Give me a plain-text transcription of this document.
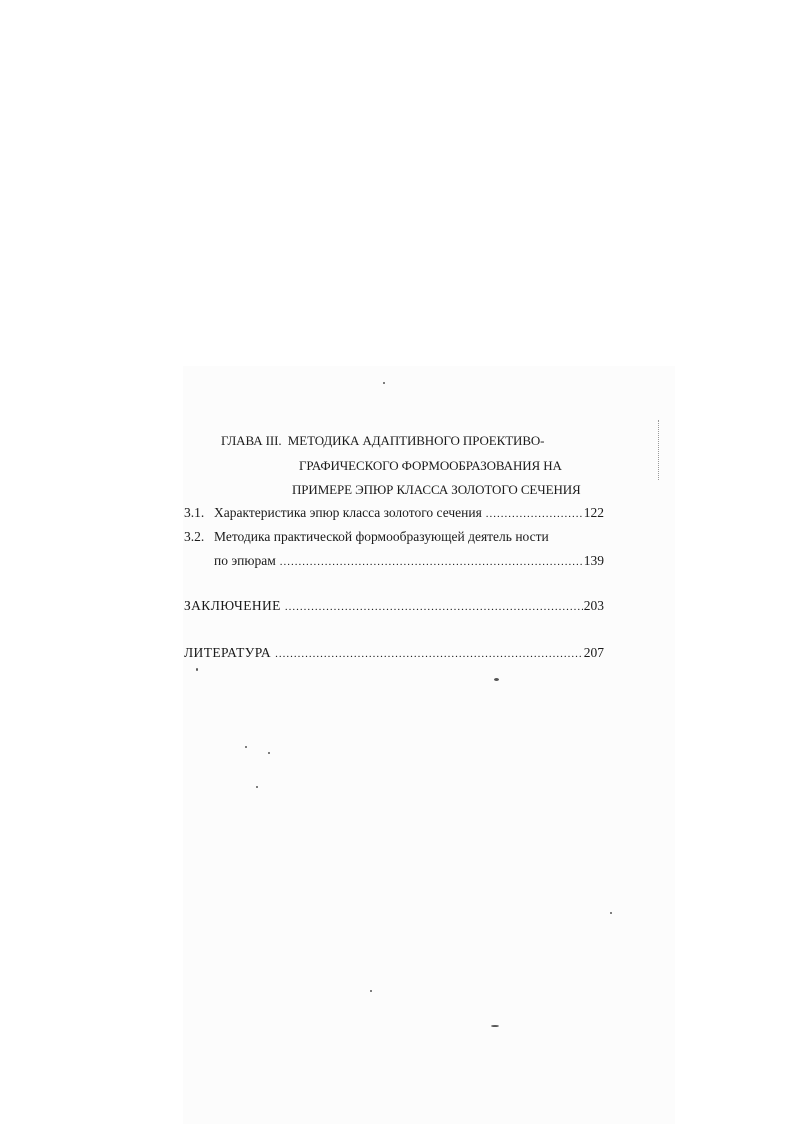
ГЛАВА III. МЕТОДИКА АДАПТИВНОГО ПРОЕКТИВО-
ГРАФИЧЕСКОГО ФОРМООБРАЗОВАНИЯ НА
ПРИМЕРЕ ЭПЮР КЛАССА ЗОЛОТОГО СЕЧЕНИЯ
3.1. Характеристика эпюр класса золотого сечения .....	122
3.2. Методика практической формообразующей деятель ности
по эпюрам .....	139
ЗАКЛЮЧЕНИЕ .....	203
ЛИТЕРАТУРА .....	207
